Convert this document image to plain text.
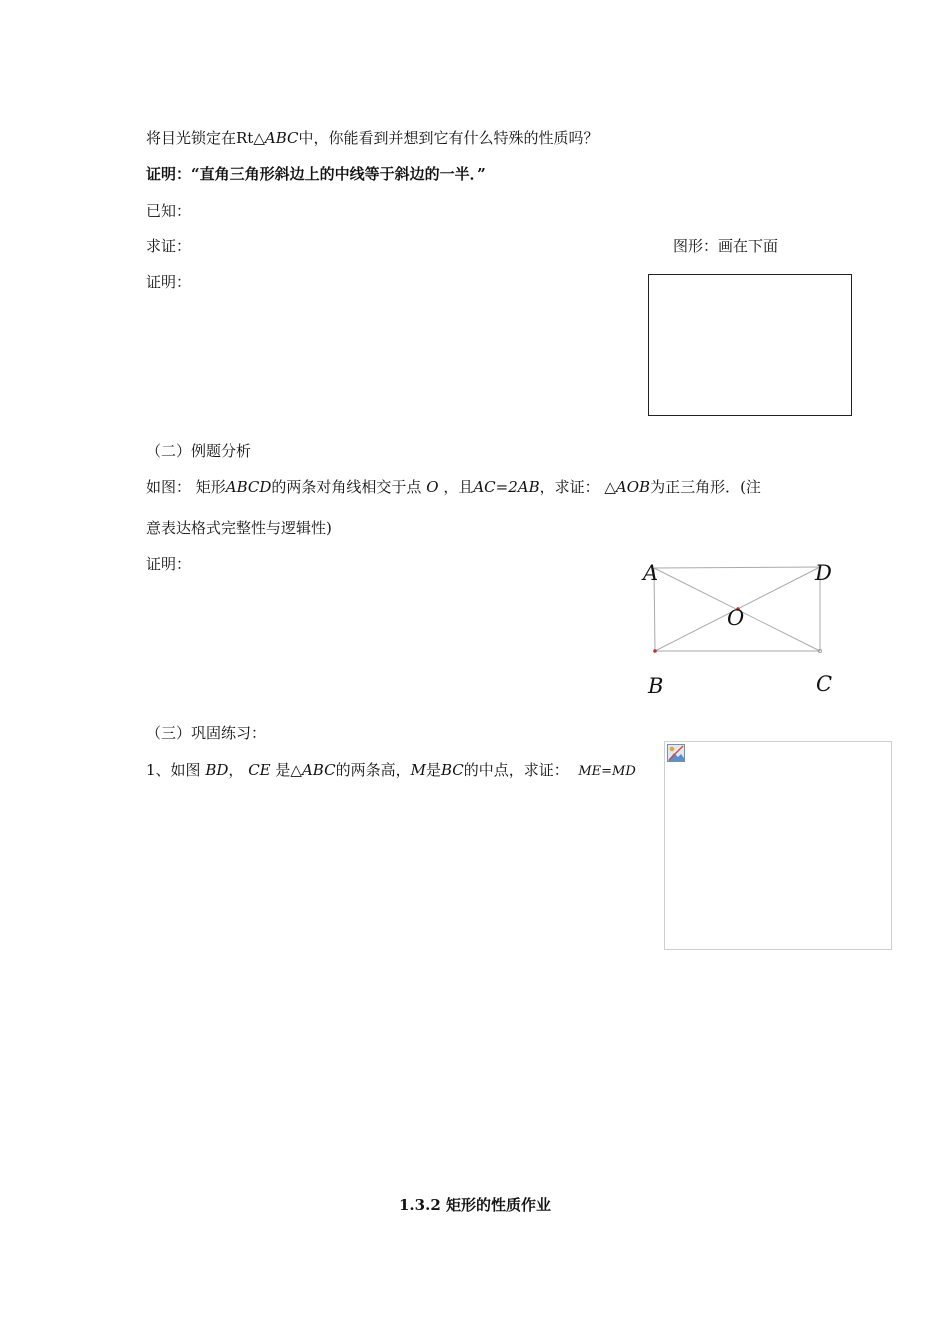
将目光锁定在Rt△ABC中，你能看到并想到它有什么特殊的性质吗？
证明：“直角三角形斜边上的中线等于斜边的一半．”
已知：
求证：	图形：画在下面
证明：
（二）例题分析
如图： 矩形ABCD的两条对角线相交于点 O ，且AC=2AB，求证： △AOB为正三角形．(注
意表达格式完整性与逻辑性)
证明：	A	D
O
B	C
（三）巩固练习：
1、如图 BD， CE 是△ABC的两条高，M是BC的中点，求证： ME=MD
1.3.2 矩形的性质作业
